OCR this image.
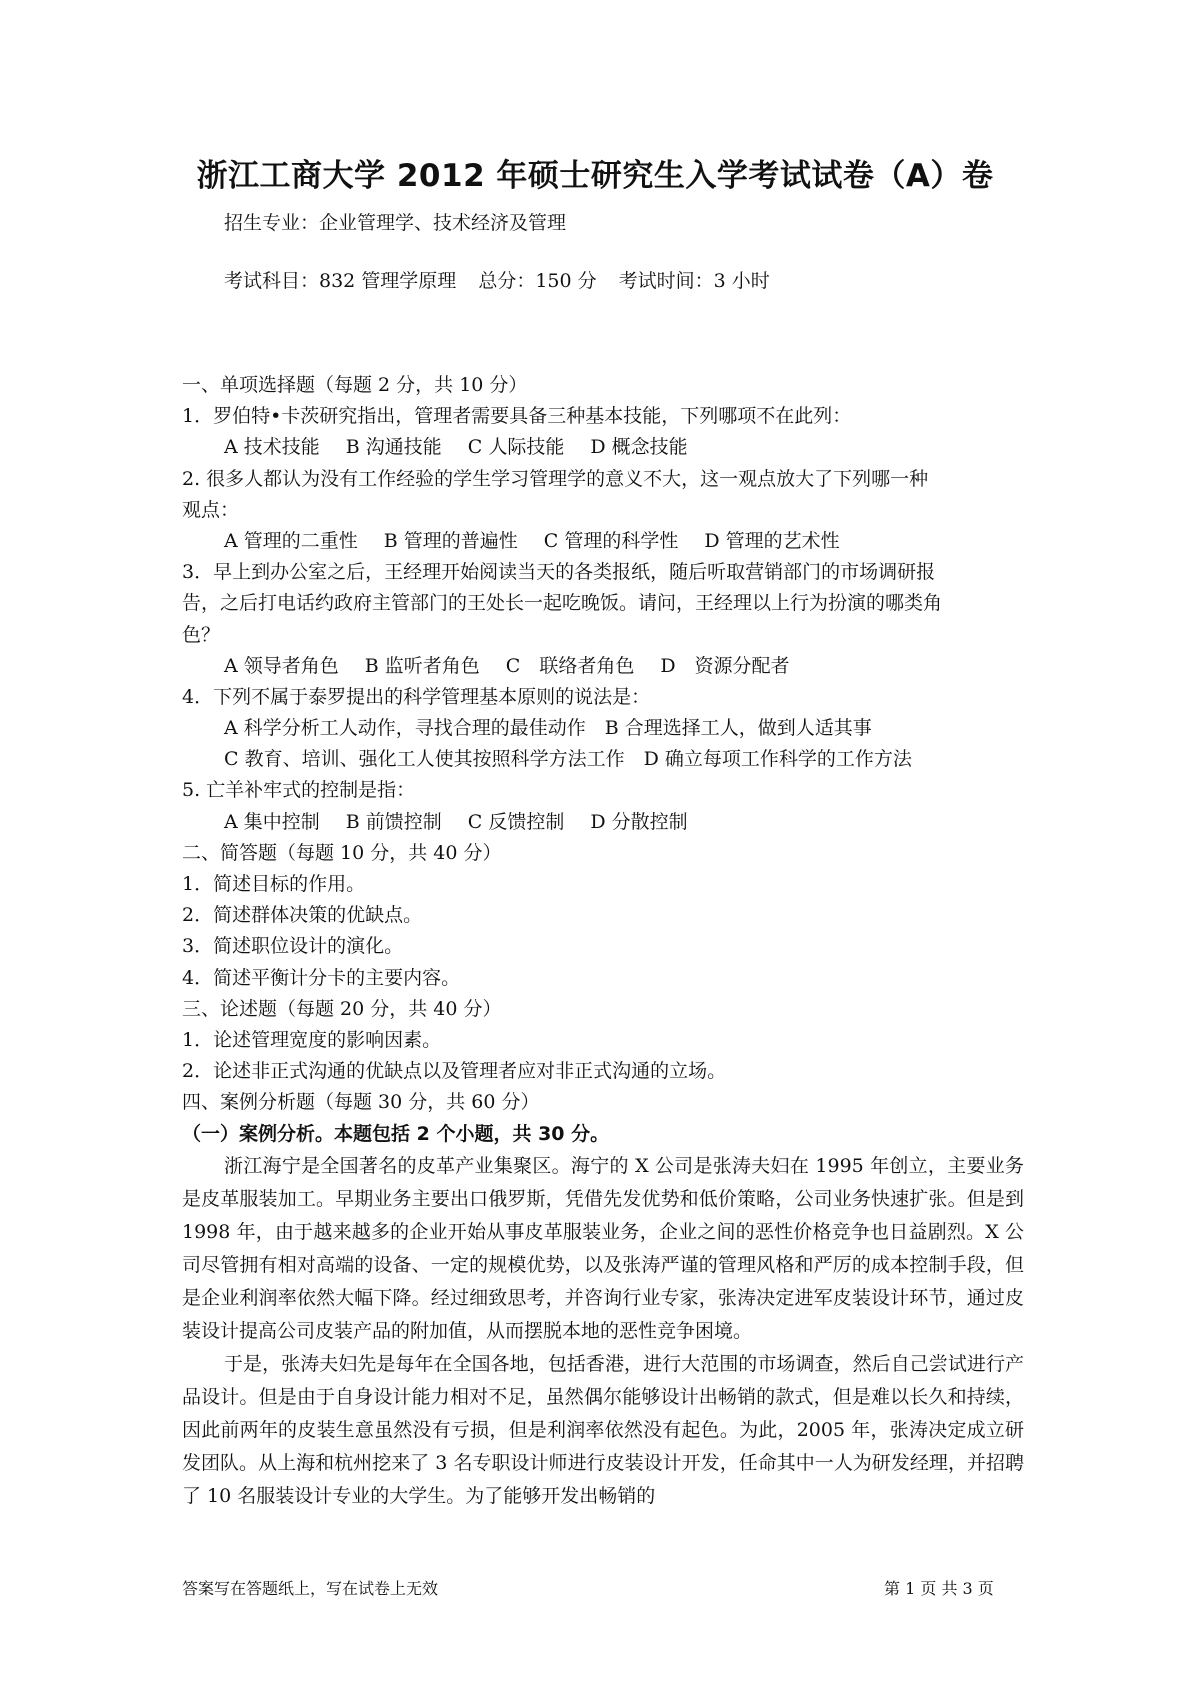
浙江工商大学 2012 年硕士研究生入学考试试卷（A）卷
招生专业：企业管理学、技术经济及管理
考试科目：832 管理学原理 总分：150 分 考试时间：3 小时
一、单项选择题（每题 2 分，共 10 分）
1．罗伯特•卡茨研究指出，管理者需要具备三种基本技能，下列哪项不在此列：
A 技术技能 B 沟通技能 C 人际技能 D 概念技能
2. 很多人都认为没有工作经验的学生学习管理学的意义不大，这一观点放大了下列哪一种
观点：
A 管理的二重性 B 管理的普遍性 C 管理的科学性 D 管理的艺术性
3．早上到办公室之后，王经理开始阅读当天的各类报纸，随后听取营销部门的市场调研报
告，之后打电话约政府主管部门的王处长一起吃晚饭。请问，王经理以上行为扮演的哪类角
色？
A 领导者角色 B 监听者角色 C　联络者角色 D　资源分配者
4．下列不属于泰罗提出的科学管理基本原则的说法是：
A 科学分析工人动作，寻找合理的最佳动作　B 合理选择工人，做到人适其事
C 教育、培训、强化工人使其按照科学方法工作　D 确立每项工作科学的工作方法
5. 亡羊补牢式的控制是指：
A 集中控制 B 前馈控制 C 反馈控制 D 分散控制
二、简答题（每题 10 分，共 40 分）
1．简述目标的作用。
2．简述群体决策的优缺点。
3．简述职位设计的演化。
4．简述平衡计分卡的主要内容。
三、论述题（每题 20 分，共 40 分）
1．论述管理宽度的影响因素。
2．论述非正式沟通的优缺点以及管理者应对非正式沟通的立场。
四、案例分析题（每题 30 分，共 60 分）
（一）案例分析。本题包括 2 个小题，共 30 分。
浙江海宁是全国著名的皮革产业集聚区。海宁的 X 公司是张涛夫妇在 1995 年创立，主要业务是皮革服装加工。早期业务主要出口俄罗斯，凭借先发优势和低价策略，公司业务快速扩张。但是到 1998 年，由于越来越多的企业开始从事皮革服装业务，企业之间的恶性价格竞争也日益剧烈。X 公司尽管拥有相对高端的设备、一定的规模优势，以及张涛严谨的管理风格和严厉的成本控制手段，但是企业利润率依然大幅下降。经过细致思考，并咨询行业专家，张涛决定进军皮装设计环节，通过皮装设计提高公司皮装产品的附加值，从而摆脱本地的恶性竞争困境。
于是，张涛夫妇先是每年在全国各地，包括香港，进行大范围的市场调查，然后自己尝试进行产品设计。但是由于自身设计能力相对不足，虽然偶尔能够设计出畅销的款式，但是难以长久和持续，因此前两年的皮装生意虽然没有亏损，但是利润率依然没有起色。为此，2005 年，张涛决定成立研发团队。从上海和杭州挖来了 3 名专职设计师进行皮装设计开发，任命其中一人为研发经理，并招聘了 10 名服装设计专业的大学生。为了能够开发出畅销的
答案写在答题纸上，写在试卷上无效	第 1 页 共 3 页
